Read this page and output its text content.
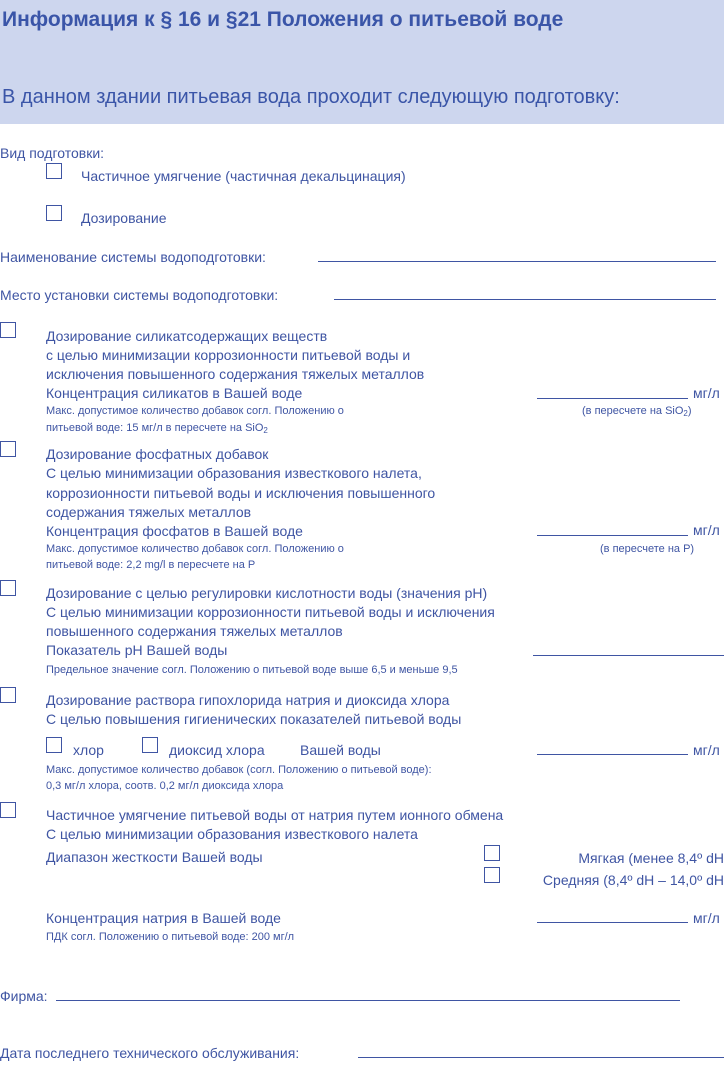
Информация к § 16 и §21 Положения о питьевой воде
В данном здании питьевая вода проходит следующую подготовку:
Вид подготовки:
Частичное умягчение (частичная декальцинация)
Дозирование
Наименование системы водоподготовки:
Место установки системы водоподготовки:
Дозирование силикатсодержащих веществ
с целью минимизации коррозионности питьевой воды и
исключения повышенного содержания тяжелых металлов
Концентрация силикатов в Вашей воде	мг/л
Макс. допустимое количество добавок согл. Положению о
питьевой воде: 15 мг/л в пересчете на SiO$_2$
(в пересчете на SiO$_2$)
Дозирование фосфатных добавок
С целью минимизации образования известкового налета,
коррозионности питьевой воды и исключения повышенного
содержания тяжелых металлов
Концентрация фосфатов в Вашей воде	мг/л
Макс. допустимое количество добавок согл. Положению о
питьевой воде: 2,2 mg/l в пересчете на P
(в пересчете на P)
Дозирование с целью регулировки кислотности воды (значения pH)
С целью минимизации коррозионности питьевой воды и исключения
повышенного содержания тяжелых металлов
Показатель pH Вашей воды
Предельное значение согл. Положению о питьевой воде выше 6,5 и меньше 9,5
Дозирование раствора гипохлорида натрия и диоксида хлора
С целью повышения гигиенических показателей питьевой воды
хлор	диоксид хлора	Вашей воды	мг/л
Макс. допустимое количество добавок (согл. Положению о питьевой воде):
0,3 мг/л хлора, соотв. 0,2 мг/л диоксида хлора
Частичное умягчение питьевой воды от натрия путем ионного обмена
С целью минимизации образования известкового налета
Диапазон жесткости Вашей воды	Мягкая (менее 8,4º dH
Средняя (8,4º dH – 14,0º dH
Концентрация натрия в Вашей воде	мг/л
ПДК согл. Положению о питьевой воде: 200 мг/л
Фирма:
Дата последнего технического обслуживания:
